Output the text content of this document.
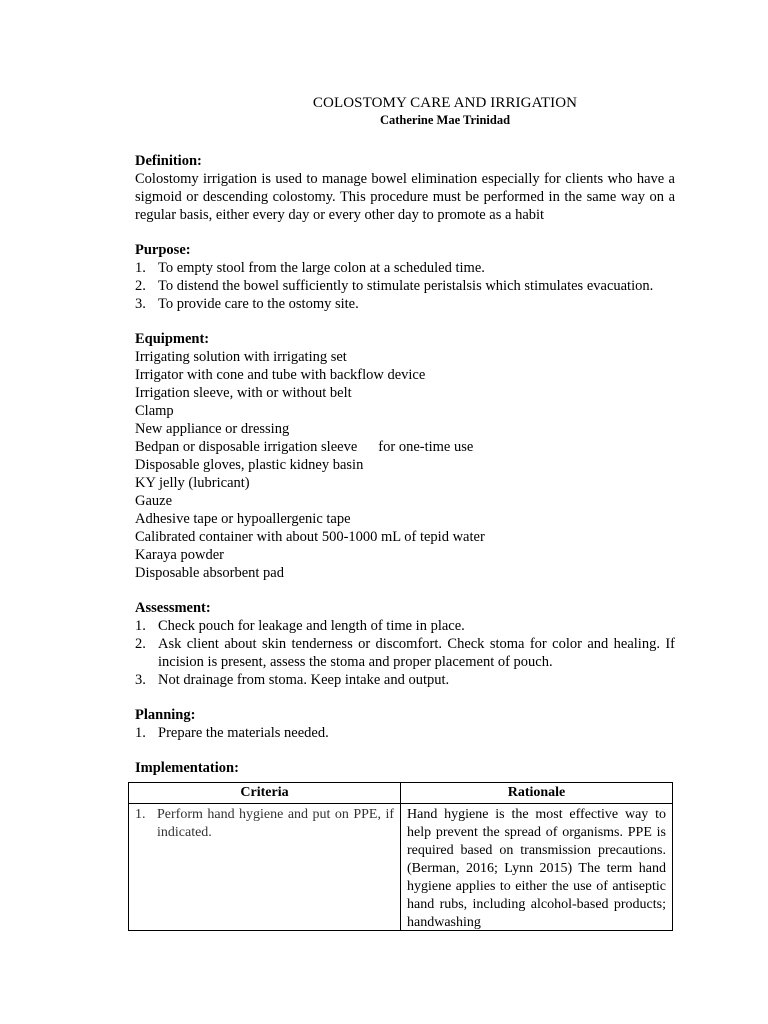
COLOSTOMY CARE AND IRRIGATION
Catherine Mae Trinidad
Definition:

Colostomy irrigation is used to manage bowel elimination especially for clients who have a sigmoid or descending colostomy. This procedure must be performed in the same way on a regular basis, either every day or every other day to promote as a habit

Purpose:
1. To empty stool from the large colon at a scheduled time.
2. To distend the bowel sufficiently to stimulate peristalsis which stimulates evacuation.
3. To provide care to the ostomy site.
Equipment:
Irrigating solution with irrigating set
Irrigator with cone and tube with backflow device
Irrigation sleeve, with or without belt
Clamp
New appliance or dressing
Bedpan or disposable irrigation sleeve for one-time use
Disposable gloves, plastic kidney basin
KY jelly (lubricant)
Gauze
Adhesive tape or hypoallergenic tape
Calibrated container with about 500-1000 mL of tepid water
Karaya powder
Disposable absorbent pad
Assessment:
1. Check pouch for leakage and length of time in place.
2. Ask client about skin tenderness or discomfort. Check stoma for color and healing. If incision is present, assess the stoma and proper placement of pouch.
3. Not drainage from stoma. Keep intake and output.
Planning:
1. Prepare the materials needed.
Implementation:
Criteria	Rationale

1. Perform hand hygiene and put on PPE, if indicated.	Hand hygiene is the most effective way to help prevent the spread of organisms. PPE is required based on transmission precautions. (Berman, 2016; Lynn 2015) The term hand hygiene applies to either the use of antiseptic hand rubs, including alcohol-based products; handwashing
